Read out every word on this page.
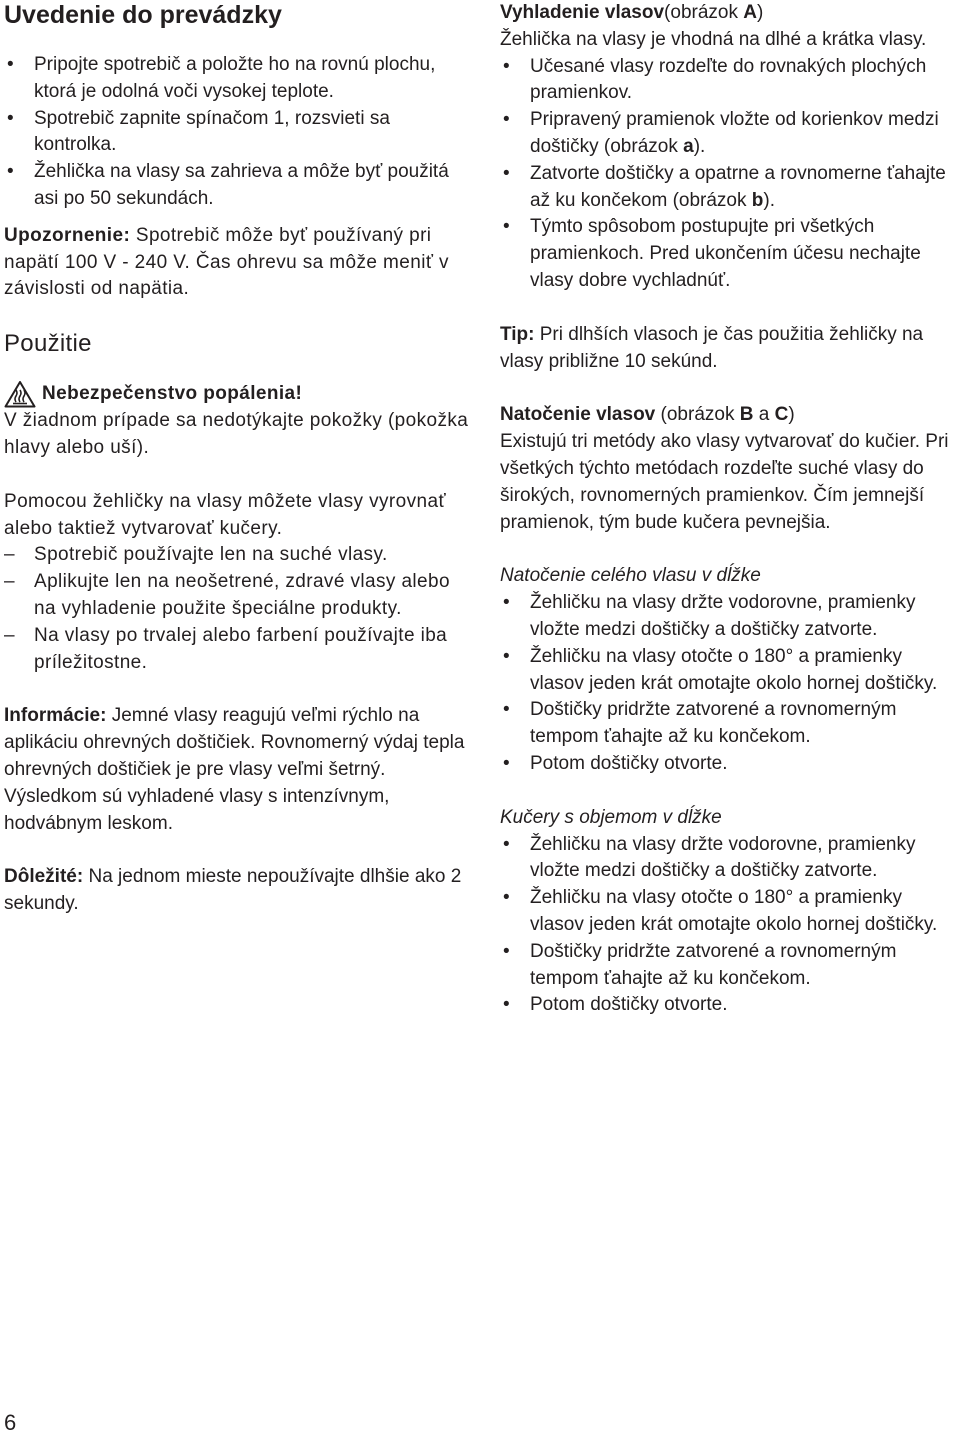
Uvedenie do prevádzky
• Pripojte spotrebič a položte ho na rovnú plochu, ktorá je odolná voči vysokej teplote.
• Spotrebič zapnite spínačom 1, rozsvieti sa kontrolka.
• Žehlička na vlasy sa zahrieva a môže byť použitá asi po 50 sekundách.

Upozornenie: Spotrebič môže byť používaný pri napätí 100 V - 240 V. Čas ohrevu sa môže meniť v závislosti od napätia.

Použitie
Nebezpečenstvo popálenia!

V žiadnom prípade sa nedotýkajte pokožky (pokožka hlavy alebo uší).

Pomocou žehličky na vlasy môžete vlasy vyrovnať alebo taktiež vytvarovať kučery.

– Spotrebič používajte len na suché vlasy.
– Aplikujte len na neošetrené, zdravé vlasy alebo na vyhladenie použite špeciálne produkty.
– Na vlasy po trvalej alebo farbení používajte iba príležitostne.

Informácie: Jemné vlasy reagujú veľmi rýchlo na aplikáciu ohrevných doštičiek. Rovnomerný výdaj tepla ohrevných doštičiek je pre vlasy veľmi šetrný. Výsledkom sú vyhladené vlasy s intenzívnym, hodvábnym leskom.

Dôležité: Na jednom mieste nepoužívajte dlhšie ako 2 sekundy.

Vyhladenie vlasov(obrázok A)

Žehlička na vlasy je vhodná na dlhé a krátka vlasy.

• Učesané vlasy rozdeľte do rovnakých plochých pramienkov.
• Pripravený pramienok vložte od korienkov medzi doštičky (obrázok a).
• Zatvorte doštičky a opatrne a rovnomerne ťahajte až ku končekom (obrázok b).
• Týmto spôsobom postupujte pri všetkých pramienkoch. Pred ukončením účesu nechajte vlasy dobre vychladnúť.

Tip: Pri dlhších vlasoch je čas použitia žehličky na vlasy približne 10 sekúnd.

Natočenie vlasov (obrázok B a C)

Existujú tri metódy ako vlasy vytvarovať do kučier. Pri všetkých týchto metódach rozdeľte suché vlasy do širokých, rovnomerných pramienkov. Čím jemnejší pramienok, tým bude kučera pevnejšia.

Natočenie celého vlasu v dĺžke

• Žehličku na vlasy držte vodorovne, pramienky vložte medzi doštičky a doštičky zatvorte.
• Žehličku na vlasy otočte o 180° a pramienky vlasov jeden krát omotajte okolo hornej doštičky.
• Doštičky pridržte zatvorené a rovnomerným tempom ťahajte až ku končekom.
• Potom doštičky otvorte.

Kučery s objemom v dĺžke

• Žehličku na vlasy držte vodorovne, pramienky vložte medzi doštičky a doštičky zatvorte.
• Žehličku na vlasy otočte o 180° a pramienky vlasov jeden krát omotajte okolo hornej doštičky.
• Doštičky pridržte zatvorené a rovnomerným tempom ťahajte až ku končekom.
• Potom doštičky otvorte.
6
